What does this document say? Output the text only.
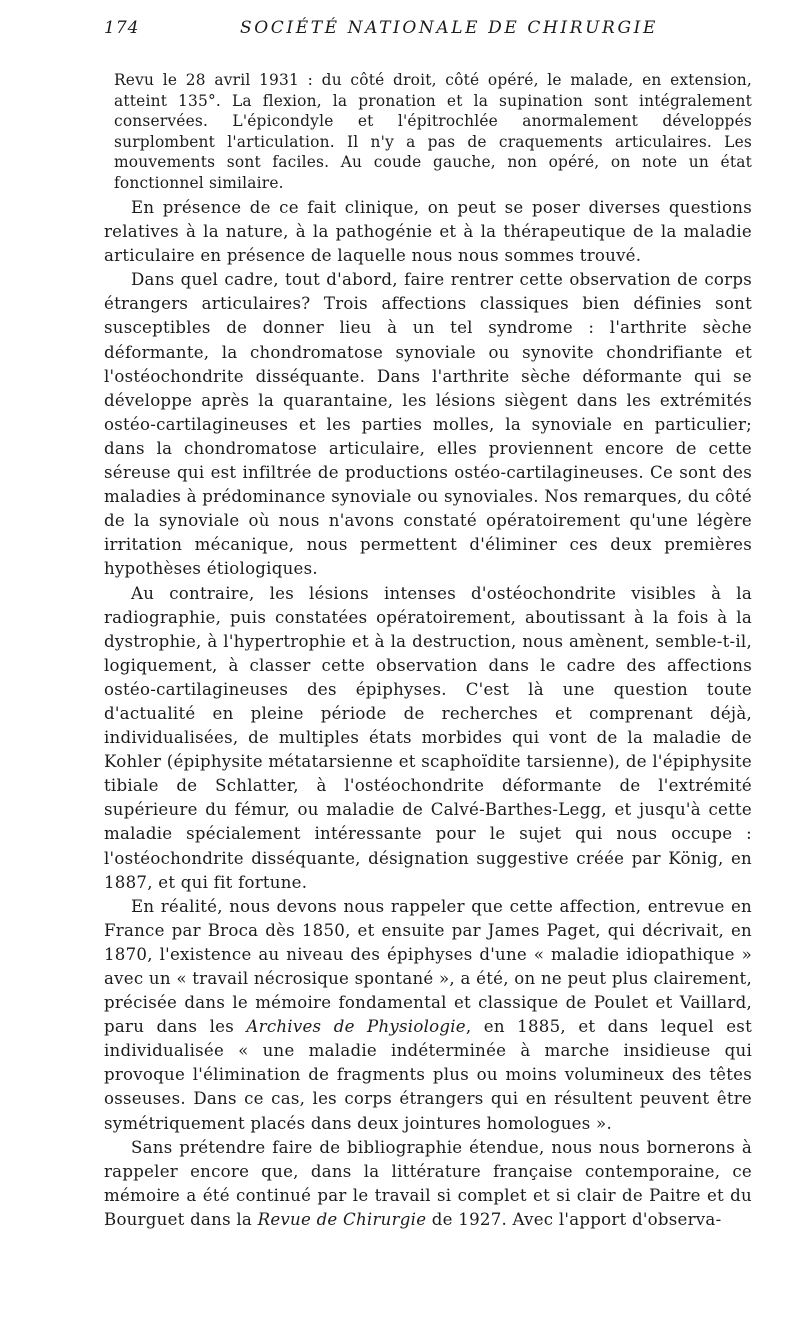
174	SOCIÉTÉ NATIONALE DE CHIRURGIE

Revu le 28 avril 1931 : du côté droit, côté opéré, le malade, en extension, atteint 135°. La flexion, la pronation et la supination sont intégralement conservées. L'épicondyle et l'épitrochlée anormalement développés surplombent l'articulation. Il n'y a pas de craquements articulaires. Les mouvements sont faciles. Au coude gauche, non opéré, on note un état fonctionnel similaire.

En présence de ce fait clinique, on peut se poser diverses questions relatives à la nature, à la pathogénie et à la thérapeutique de la maladie articulaire en présence de laquelle nous nous sommes trouvé.

Dans quel cadre, tout d'abord, faire rentrer cette observation de corps étrangers articulaires? Trois affections classiques bien définies sont susceptibles de donner lieu à un tel syndrome : l'arthrite sèche déformante, la chondromatose synoviale ou synovite chondrifiante et l'ostéochondrite disséquante. Dans l'arthrite sèche déformante qui se développe après la quarantaine, les lésions siègent dans les extrémités ostéo-cartilagineuses et les parties molles, la synoviale en particulier; dans la chondromatose articulaire, elles proviennent encore de cette séreuse qui est infiltrée de productions ostéo-cartilagineuses. Ce sont des maladies à prédominance synoviale ou synoviales. Nos remarques, du côté de la synoviale où nous n'avons constaté opératoirement qu'une légère irritation mécanique, nous permettent d'éliminer ces deux premières hypothèses étiologiques.

Au contraire, les lésions intenses d'ostéochondrite visibles à la radiographie, puis constatées opératoirement, aboutissant à la fois à la dystrophie, à l'hypertrophie et à la destruction, nous amènent, semble-t-il, logiquement, à classer cette observation dans le cadre des affections ostéo-cartilagineuses des épiphyses. C'est là une question toute d'actualité en pleine période de recherches et comprenant déjà, individualisées, de multiples états morbides qui vont de la maladie de Kohler (épiphysite métatarsienne et scaphoïdite tarsienne), de l'épiphysite tibiale de Schlatter, à l'ostéochondrite déformante de l'extrémité supérieure du fémur, ou maladie de Calvé-Barthes-Legg, et jusqu'à cette maladie spécialement intéressante pour le sujet qui nous occupe : l'ostéochondrite disséquante, désignation suggestive créée par König, en 1887, et qui fit fortune.

En réalité, nous devons nous rappeler que cette affection, entrevue en France par Broca dès 1850, et ensuite par James Paget, qui décrivait, en 1870, l'existence au niveau des épiphyses d'une « maladie idiopathique » avec un « travail nécrosique spontané », a été, on ne peut plus clairement, précisée dans le mémoire fondamental et classique de Poulet et Vaillard, paru dans les Archives de Physiologie, en 1885, et dans lequel est individualisée « une maladie indéterminée à marche insidieuse qui provoque l'élimination de fragments plus ou moins volumineux des têtes osseuses. Dans ce cas, les corps étrangers qui en résultent peuvent être symétriquement placés dans deux jointures homologues ».

Sans prétendre faire de bibliographie étendue, nous nous bornerons à rappeler encore que, dans la littérature française contemporaine, ce mémoire a été continué par le travail si complet et si clair de Paitre et du Bourguet dans la Revue de Chirurgie de 1927. Avec l'apport d'observa-
